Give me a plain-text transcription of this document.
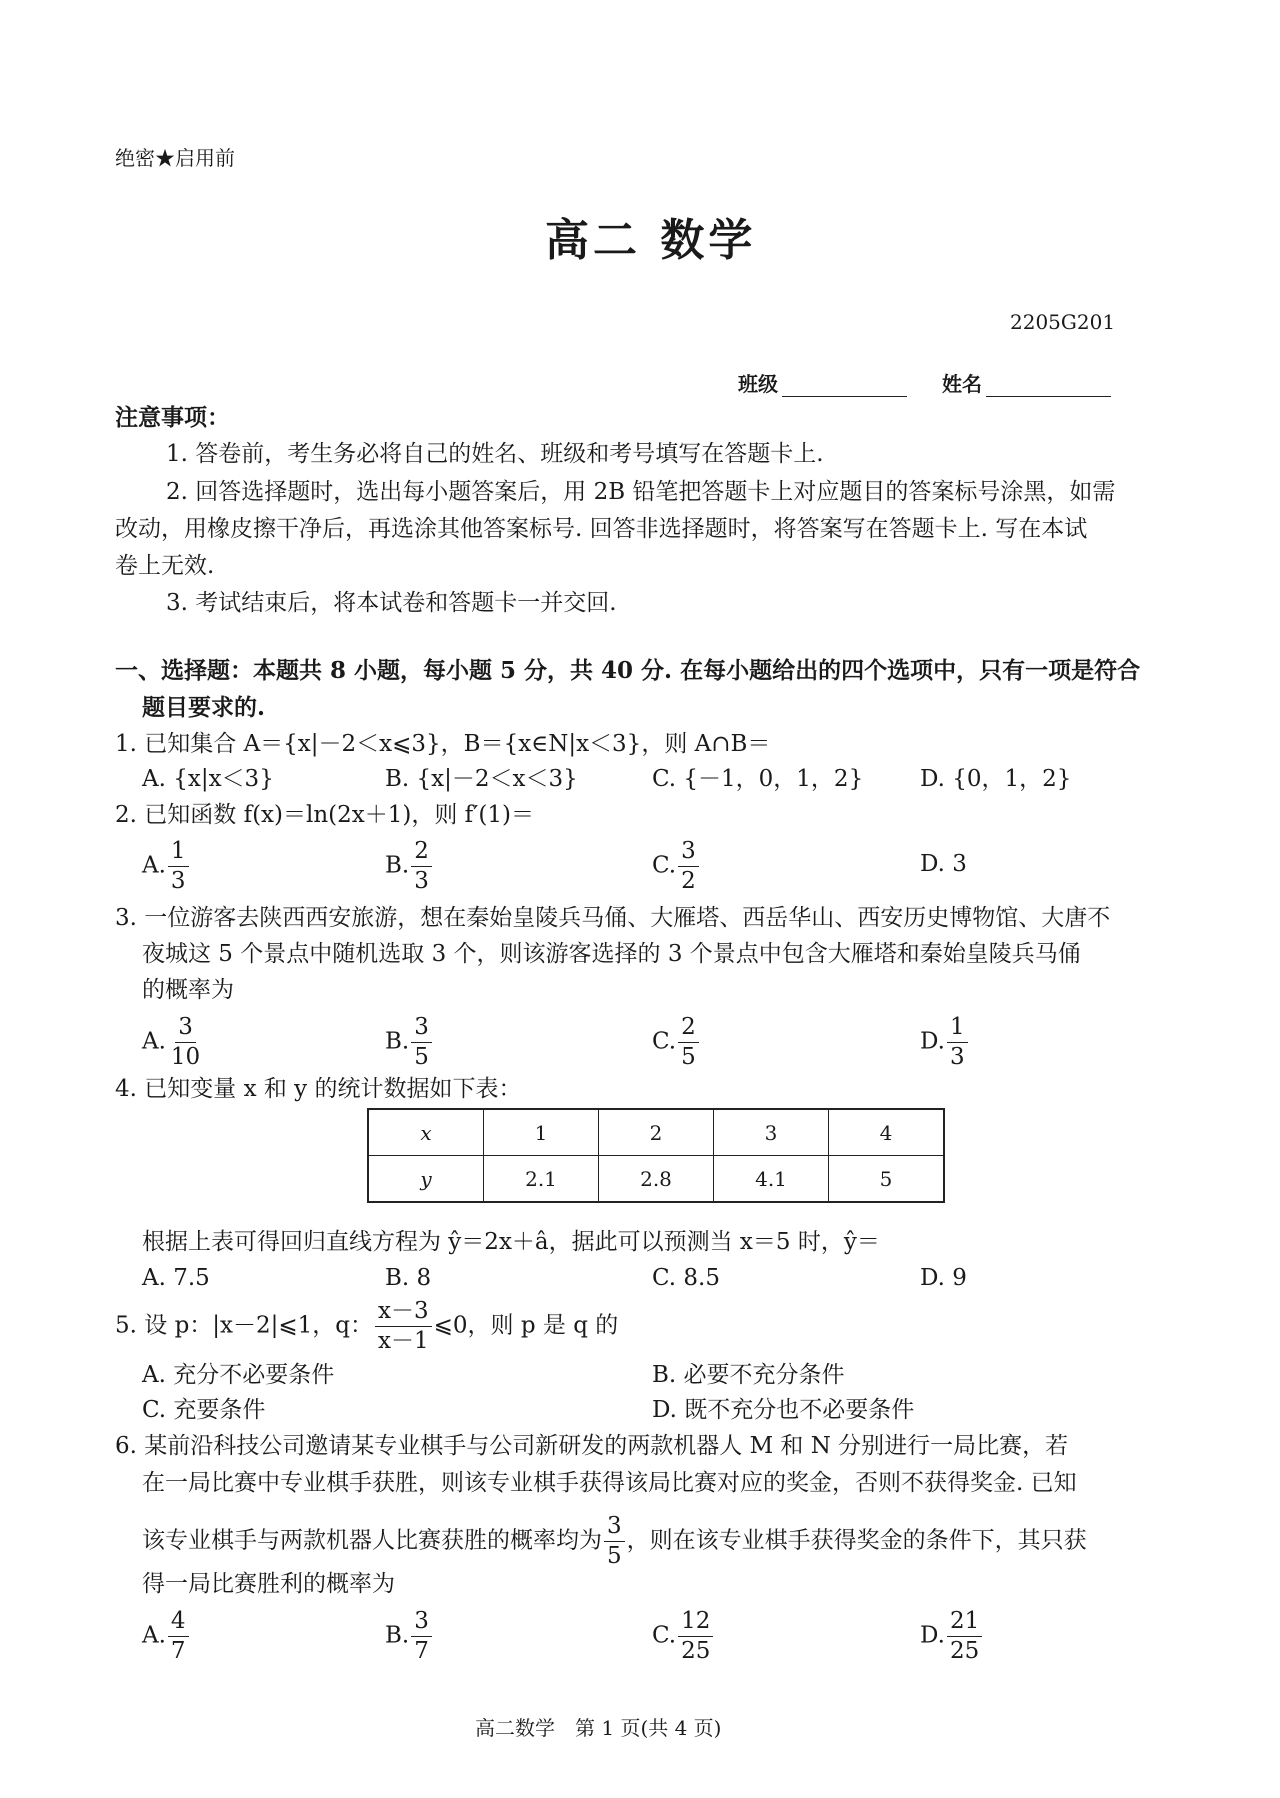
绝密★启用前
高二 数学
2205G201
班级	姓名
注意事项：
1. 答卷前，考生务必将自己的姓名、班级和考号填写在答题卡上.
2. 回答选择题时，选出每小题答案后，用 2B 铅笔把答题卡上对应题目的答案标号涂黑，如需
改动，用橡皮擦干净后，再选涂其他答案标号. 回答非选择题时，将答案写在答题卡上. 写在本试
卷上无效.
3. 考试结束后，将本试卷和答题卡一并交回.
一、选择题：本题共 8 小题，每小题 5 分，共 40 分. 在每小题给出的四个选项中，只有一项是符合
题目要求的.
1. 已知集合 A＝{x|－2＜x⩽3}，B＝{x∈N|x＜3}，则 A∩B＝
A. {x|x＜3}	B. {x|－2＜x＜3}	C. {－1，0，1，2} D. {0，1，2}
2. 已知函数 f(x)＝ln(2x＋1)，则 f′(1)＝
A. $\frac{1}{3}$	B. $\frac{2}{3}$	C. $\frac{3}{2}$	D. 3
3. 一位游客去陕西西安旅游，想在秦始皇陵兵马俑、大雁塔、西岳华山、西安历史博物馆、大唐不
夜城这 5 个景点中随机选取 3 个，则该游客选择的 3 个景点中包含大雁塔和秦始皇陵兵马俑
的概率为
A. $\frac{3}{10}$	B. $\frac{3}{5}$	C. $\frac{2}{5}$	D. $\frac{1}{3}$
4. 已知变量 x 和 y 的统计数据如下表：
x	1	2	3	4
y	2.1	2.8	4.1	5
根据上表可得回归直线方程为 ŷ＝2x＋â，据此可以预测当 x＝5 时，ŷ＝
A. 7.5	B. 8	C. 8.5	D. 9
5. 设 p：|x－2|⩽1，q： $\frac{x-3}{x-1}$ ⩽0，则 p 是 q 的
A. 充分不必要条件	B. 必要不充分条件
C. 充要条件	D. 既不充分也不必要条件
6. 某前沿科技公司邀请某专业棋手与公司新研发的两款机器人 M 和 N 分别进行一局比赛，若
在一局比赛中专业棋手获胜，则该专业棋手获得该局比赛对应的奖金，否则不获得奖金. 已知
该专业棋手与两款机器人比赛获胜的概率均为 $\frac{3}{5}$ ，则在该专业棋手获得奖金的条件下，其只获
得一局比赛胜利的概率为
A. $\frac{4}{7}$	B. $\frac{3}{7}$	C. $\frac{12}{25}$	D. $\frac{21}{25}$
高二数学　第 1 页(共 4 页)
